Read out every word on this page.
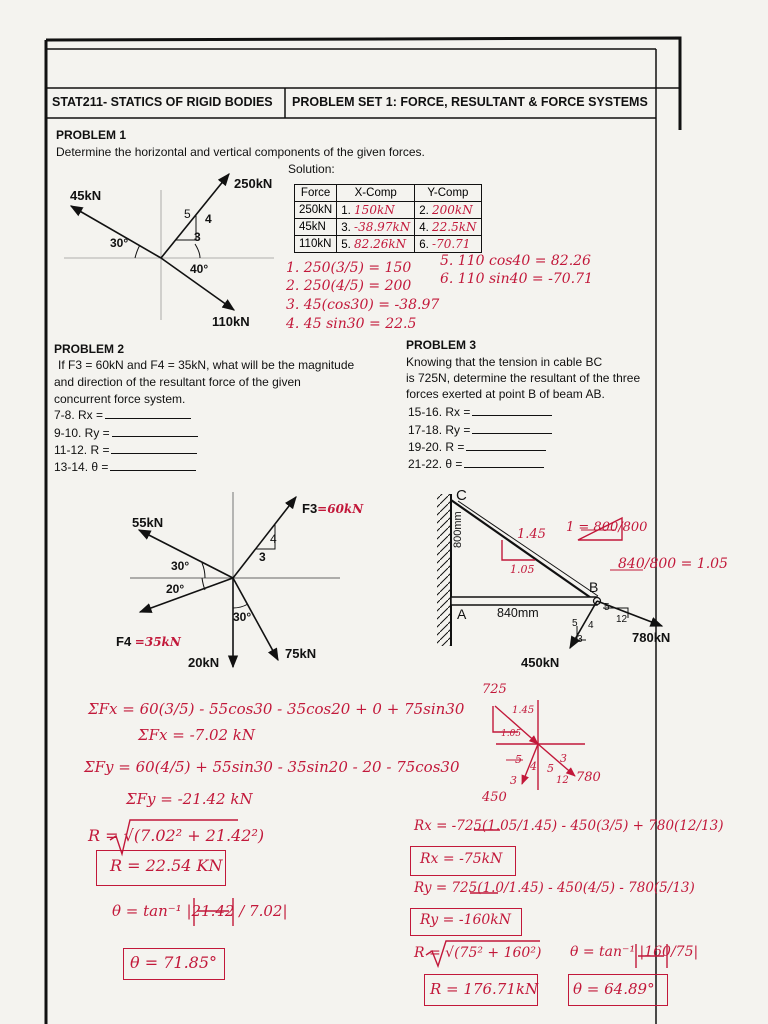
STAT211- STATICS OF RIGID BODIES PROBLEM SET 1: FORCE, RESULTANT & FORCE SYSTEMS
PROBLEM 1
Determine the horizontal and vertical components of the given forces.
Solution:
250kN
45kN
110kN
5 4
3
30°
40°
Force	X-Comp	Y-Comp
250kN	1. 150kN	2. 200kN
45kN	3. -38.97kN	4. 22.5kN
110kN	5. 82.26kN	6. -70.71
1. 250(3/5) = 150
2. 250(4/5) = 200
3. 45(cos30) = -38.97
4. 45 sin30 = 22.5
5. 110 cos40 = 82.26
6. 110 sin40 = -70.71
PROBLEM 2
If F3 = 60kN and F4 = 35kN, what will be the magnitude
and direction of the resultant force of the given
concurrent force system.
7-8. Rx =
9-10. Ry =
11-12. R =
13-14. θ =
55kN
F3=60kN
F4 =35kN
20kN
75kN
30°
20°
30°
4
3
ΣFx = 60(3/5) - 55cos30 - 35cos20 + 0 + 75sin30
ΣFx = -7.02 kN
ΣFy = 60(4/5) + 55sin30 - 35sin20 - 20 - 75cos30
ΣFy = -21.42 kN
R = √(7.02² + 21.42²)
R = 22.54 KN
θ = tan⁻¹ |21.42 / 7.02|
θ = 71.85°
PROBLEM 3
Knowing that the tension in cable BC
is 725N, determine the resultant of the three
forces exerted at point B of beam AB.
15-16. Rx =
17-18. Ry =
19-20. R =
21-22. θ =
C
A
B
800mm
840mm
780kN
450kN
5
12
5 4
3
1.45
1.05
1 = 800/800
840/800 = 1.05
725
1.45
1.05
5
4
3
5
3
12 780
450
Rx = -725(1.05/1.45) - 450(3/5) + 780(12/13)
Rx = -75kN
Ry = 725(1.0/1.45) - 450(4/5) - 780(5/13)
Ry = -160kN
R = √(75² + 160²)
R = 176.71kN
θ = tan⁻¹ |160/75|
θ = 64.89°
